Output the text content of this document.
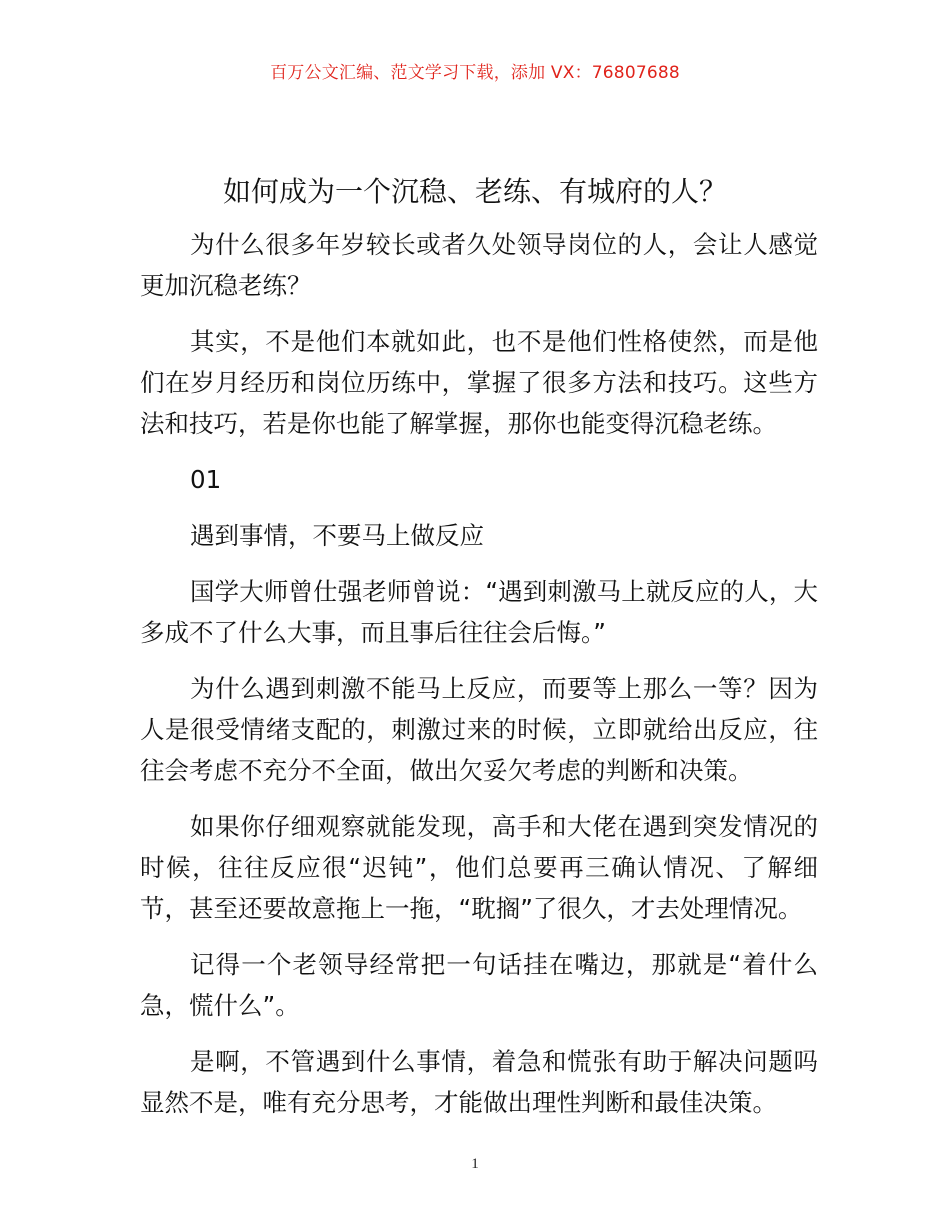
百万公文汇编、范文学习下载，添加 VX：76807688
如何成为一个沉稳、老练、有城府的人？

为什么很多年岁较长或者久处领导岗位的人，会让人感觉更加沉稳老练？

其实，不是他们本就如此，也不是他们性格使然，而是他们在岁月经历和岗位历练中，掌握了很多方法和技巧。这些方法和技巧，若是你也能了解掌握，那你也能变得沉稳老练。

01

遇到事情，不要马上做反应

国学大师曾仕强老师曾说：“遇到刺激马上就反应的人，大多成不了什么大事，而且事后往往会后悔。”

为什么遇到刺激不能马上反应，而要等上那么一等？因为人是很受情绪支配的，刺激过来的时候，立即就给出反应，往往会考虑不充分不全面，做出欠妥欠考虑的判断和决策。

如果你仔细观察就能发现，高手和大佬在遇到突发情况的时候，往往反应很“迟钝”，他们总要再三确认情况、了解细节，甚至还要故意拖上一拖，“耽搁”了很久，才去处理情况。

记得一个老领导经常把一句话挂在嘴边，那就是“着什么急，慌什么”。

是啊，不管遇到什么事情，着急和慌张有助于解决问题吗显然不是，唯有充分思考，才能做出理性判断和最佳决策。

1
